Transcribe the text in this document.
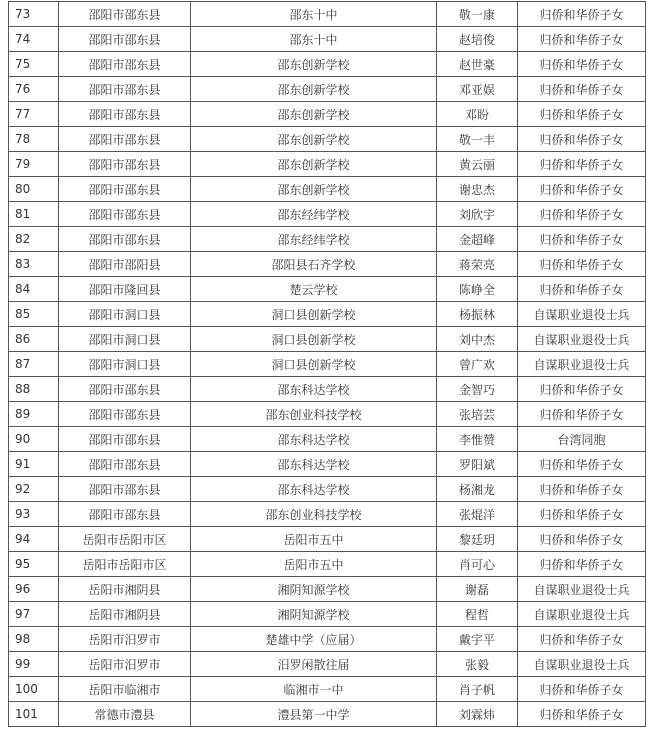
73	邵阳市邵东县	邵东十中	敬一康	归侨和华侨子女
74	邵阳市邵东县	邵东十中	赵培俊	归侨和华侨子女
75	邵阳市邵东县	邵东创新学校	赵世豪	归侨和华侨子女
76	邵阳市邵东县	邵东创新学校	邓亚娱	归侨和华侨子女
77	邵阳市邵东县	邵东创新学校	邓盼	归侨和华侨子女
78	邵阳市邵东县	邵东创新学校	敬一丰	归侨和华侨子女
79	邵阳市邵东县	邵东创新学校	黄云丽	归侨和华侨子女
80	邵阳市邵东县	邵东创新学校	谢忠杰	归侨和华侨子女
81	邵阳市邵东县	邵东经纬学校	刘欣宇	归侨和华侨子女
82	邵阳市邵东县	邵东经纬学校	金超峰	归侨和华侨子女
83	邵阳市邵阳县	邵阳县石齐学校	蒋荣亮	归侨和华侨子女
84	邵阳市隆回县	楚云学校	陈峥全	归侨和华侨子女
85	邵阳市洞口县	洞口县创新学校	杨振林	自谋职业退役士兵
86	邵阳市洞口县	洞口县创新学校	刘中杰	自谋职业退役士兵
87	邵阳市洞口县	洞口县创新学校	曾广欢	自谋职业退役士兵
88	邵阳市邵东县	邵东科达学校	金智巧	归侨和华侨子女
89	邵阳市邵东县	邵东创业科技学校	张培芸	归侨和华侨子女
90	邵阳市邵东县	邵东科达学校	李惟赞	台湾同胞
91	邵阳市邵东县	邵东科达学校	罗阳斌	归侨和华侨子女
92	邵阳市邵东县	邵东科达学校	杨湘龙	归侨和华侨子女
93	邵阳市邵东县	邵东创业科技学校	张焜洋	归侨和华侨子女
94	岳阳市岳阳市区	岳阳市五中	黎廷玥	归侨和华侨子女
95	岳阳市岳阳市区	岳阳市五中	肖可心	归侨和华侨子女
96	岳阳市湘阴县	湘阴知源学校	谢磊	自谋职业退役士兵
97	岳阳市湘阴县	湘阴知源学校	程哲	自谋职业退役士兵
98	岳阳市汨罗市	楚雄中学（应届）	戴宇平	归侨和华侨子女
99	岳阳市汨罗市	汨罗闲散往届	张毅	自谋职业退役士兵
100	岳阳市临湘市	临湘市一中	肖子帆	归侨和华侨子女
101	常德市澧县	澧县第一中学	刘霖炜	归侨和华侨子女
